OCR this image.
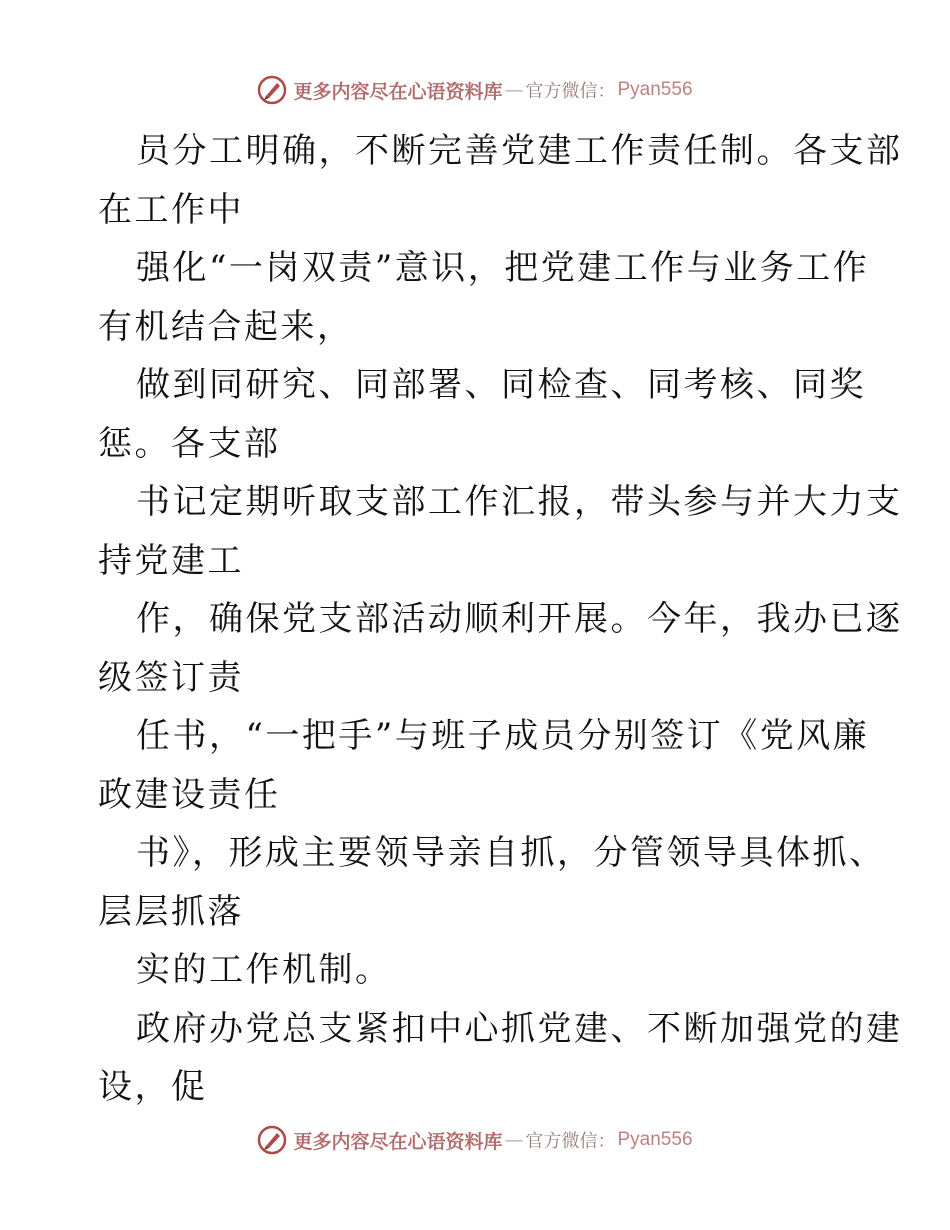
更多内容尽在心语资料库 — 官方微信： Pyan556
员分工明确，不断完善党建工作责任制。各支部
在工作中
强化“一岗双责”意识，把党建工作与业务工作
有机结合起来，
做到同研究、同部署、同检查、同考核、同奖
惩。各支部
书记定期听取支部工作汇报，带头参与并大力支
持党建工
作，确保党支部活动顺利开展。今年，我办已逐
级签订责
任书，“一把手”与班子成员分别签订《党风廉
政建设责任
书》，形成主要领导亲自抓，分管领导具体抓、
层层抓落
实的工作机制。
政府办党总支紧扣中心抓党建、不断加强党的建
设，促
更多内容尽在心语资料库 — 官方微信： Pyan556
